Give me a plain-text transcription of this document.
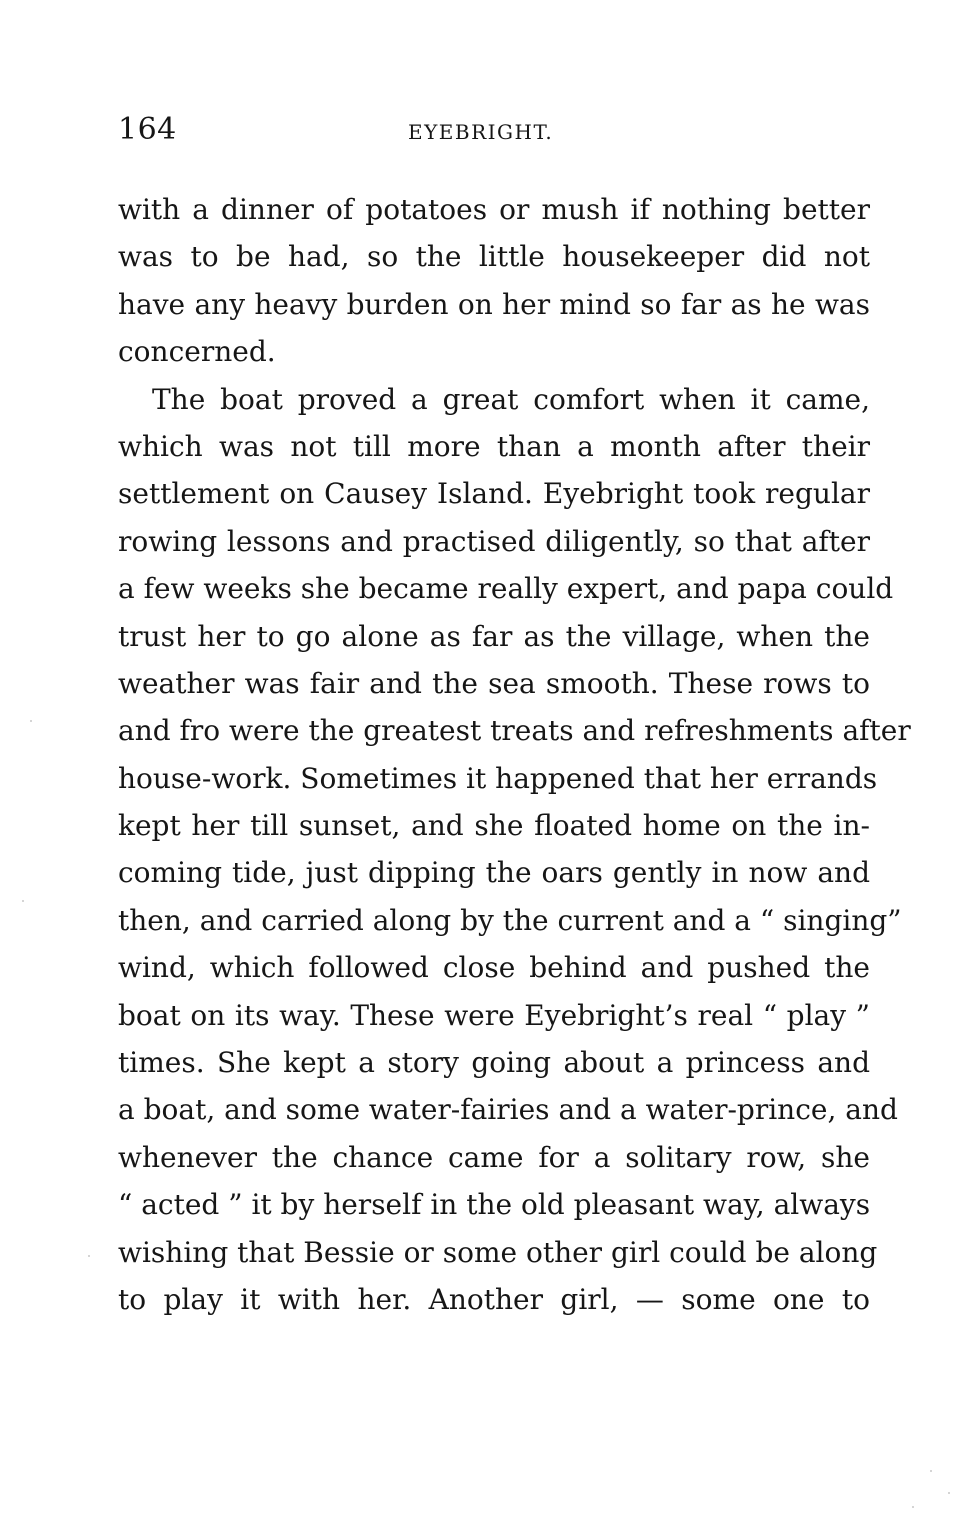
164	EYEBRIGHT.
with a dinner of potatoes or mush if nothing better
was to be had, so the little housekeeper did not
have any heavy burden on her mind so far as he was
concerned.
The boat proved a great comfort when it came,
which was not till more than a month after their
settlement on Causey Island. Eyebright took regular
rowing lessons and practised diligently, so that after
a few weeks she became really expert, and papa could
trust her to go alone as far as the village, when the
weather was fair and the sea smooth. These rows to
and fro were the greatest treats and refreshments after
house-work. Sometimes it happened that her errands
kept her till sunset, and she floated home on the in-
coming tide, just dipping the oars gently in now and
then, and carried along by the current and a “ singing”
wind, which followed close behind and pushed the
boat on its way. These were Eyebright’s real “ play ”
times. She kept a story going about a princess and
a boat, and some water-fairies and a water-prince, and
whenever the chance came for a solitary row, she
“ acted ” it by herself in the old pleasant way, always
wishing that Bessie or some other girl could be along
to play it with her. Another girl, — some one to
